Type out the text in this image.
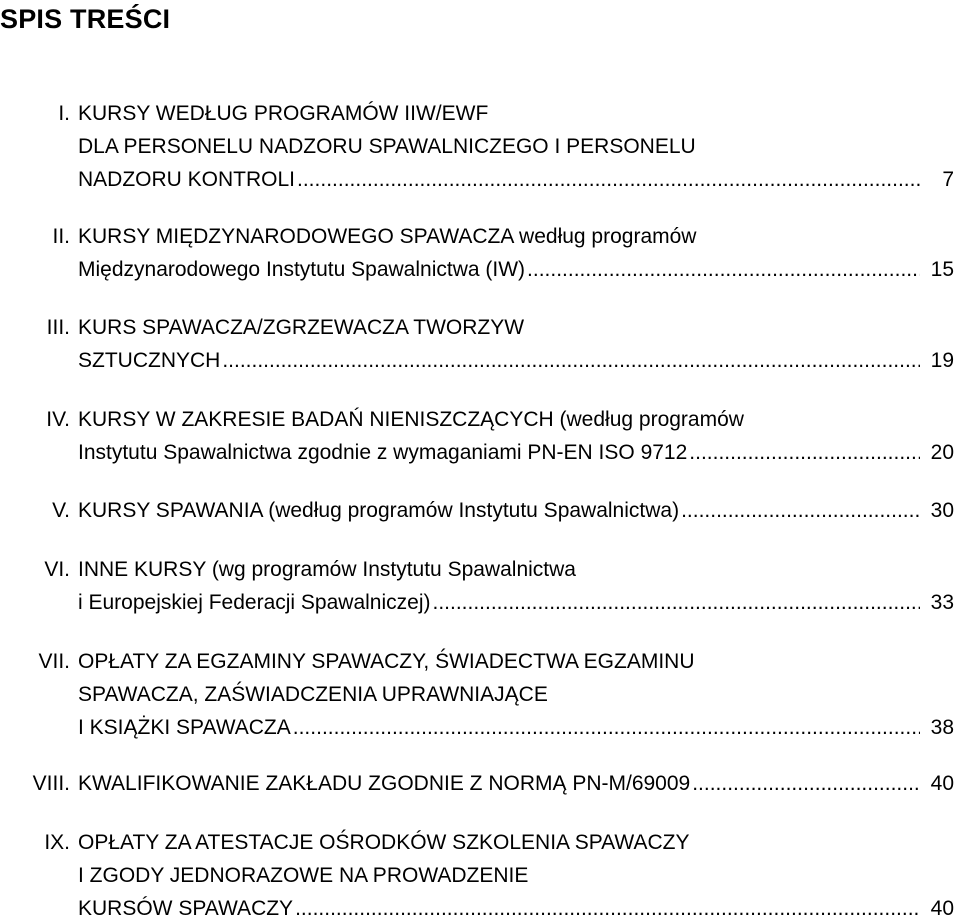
SPIS TREŚCI
I. KURSY WEDŁUG PROGRAMÓW IIW/EWF
DLA PERSONELU NADZORU SPAWALNICZEGO I PERSONELU
NADZORU KONTROLI .....	7
II. KURSY MIĘDZYNARODOWEGO SPAWACZA według programów
Międzynarodowego Instytutu Spawalnictwa (IW) .....	15
III. KURS SPAWACZA/ZGRZEWACZA TWORZYW
SZTUCZNYCH .....	19
IV. KURSY W ZAKRESIE BADAŃ NIENISZCZĄCYCH (według programów
Instytutu Spawalnictwa zgodnie z wymaganiami PN-EN ISO 9712 .....	20
V. KURSY SPAWANIA (według programów Instytutu Spawalnictwa) .....	30
VI. INNE KURSY (wg programów Instytutu Spawalnictwa
i Europejskiej Federacji Spawalniczej) .....	33
VII. OPŁATY ZA EGZAMINY SPAWACZY, ŚWIADECTWA EGZAMINU
SPAWACZA, ZAŚWIADCZENIA UPRAWNIAJĄCE
I KSIĄŻKI SPAWACZA .....	38
VIII. KWALIFIKOWANIE ZAKŁADU ZGODNIE Z NORMĄ PN-M/69009 .....	40
IX. OPŁATY ZA ATESTACJE OŚRODKÓW SZKOLENIA SPAWACZY
I ZGODY JEDNORAZOWE NA PROWADZENIE
KURSÓW SPAWACZY .....	40
